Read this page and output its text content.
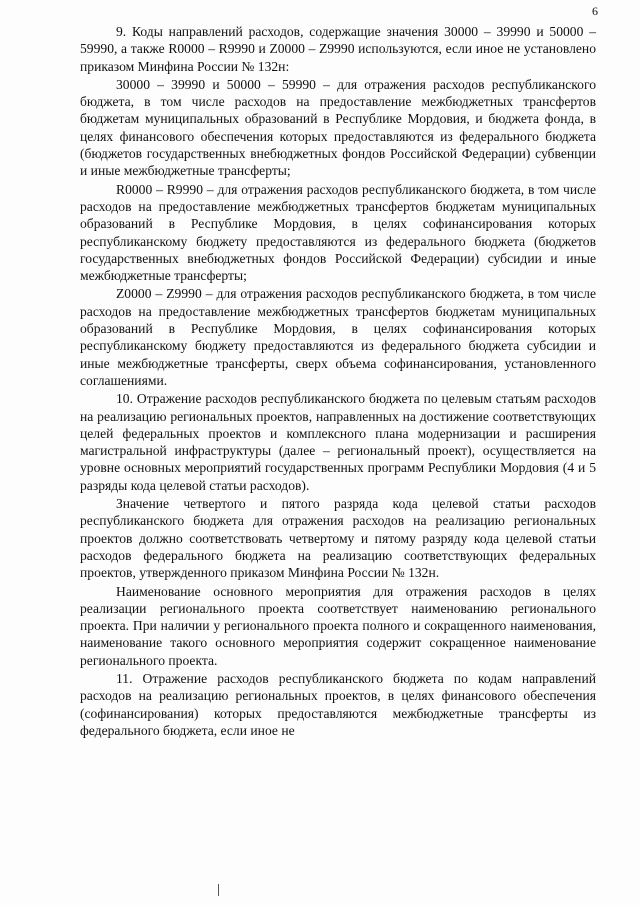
6

9. Коды направлений расходов, содержащие значения 30000 – 39990 и 50000 – 59990, а также R0000 – R9990 и Z0000 – Z9990 используются, если иное не установлено приказом Минфина России № 132н:

30000 – 39990 и 50000 – 59990 – для отражения расходов республиканского бюджета, в том числе расходов на предоставление межбюджетных трансфертов бюджетам муниципальных образований в Республике Мордовия, и бюджета фонда, в целях финансового обеспечения которых предоставляются из федерального бюджета (бюджетов государственных внебюджетных фондов Российской Федерации) субвенции и иные межбюджетные трансферты;

R0000 – R9990 – для отражения расходов республиканского бюджета, в том числе расходов на предоставление межбюджетных трансфертов бюджетам муниципальных образований в Республике Мордовия, в целях софинансирования которых республиканскому бюджету предоставляются из федерального бюджета (бюджетов государственных внебюджетных фондов Российской Федерации) субсидии и иные межбюджетные трансферты;

Z0000 – Z9990 – для отражения расходов республиканского бюджета, в том числе расходов на предоставление межбюджетных трансфертов бюджетам муниципальных образований в Республике Мордовия, в целях софинансирования которых республиканскому бюджету предоставляются из федерального бюджета субсидии и иные межбюджетные трансферты, сверх объема софинансирования, установленного соглашениями.

10. Отражение расходов республиканского бюджета по целевым статьям расходов на реализацию региональных проектов, направленных на достижение соответствующих целей федеральных проектов и комплексного плана модернизации и расширения магистральной инфраструктуры (далее – региональный проект), осуществляется на уровне основных мероприятий государственных программ Республики Мордовия (4 и 5 разряды кода целевой статьи расходов).

Значение четвертого и пятого разряда кода целевой статьи расходов республиканского бюджета для отражения расходов на реализацию региональных проектов должно соответствовать четвертому и пятому разряду кода целевой статьи расходов федерального бюджета на реализацию соответствующих федеральных проектов, утвержденного приказом Минфина России № 132н.

Наименование основного мероприятия для отражения расходов в целях реализации регионального проекта соответствует наименованию регионального проекта. При наличии у регионального проекта полного и сокращенного наименования, наименование такого основного мероприятия содержит сокращенное наименование регионального проекта.

11. Отражение расходов республиканского бюджета по кодам направлений расходов на реализацию региональных проектов, в целях финансового обеспечения (софинансирования) которых предоставляются межбюджетные трансферты из федерального бюджета, если иное не
